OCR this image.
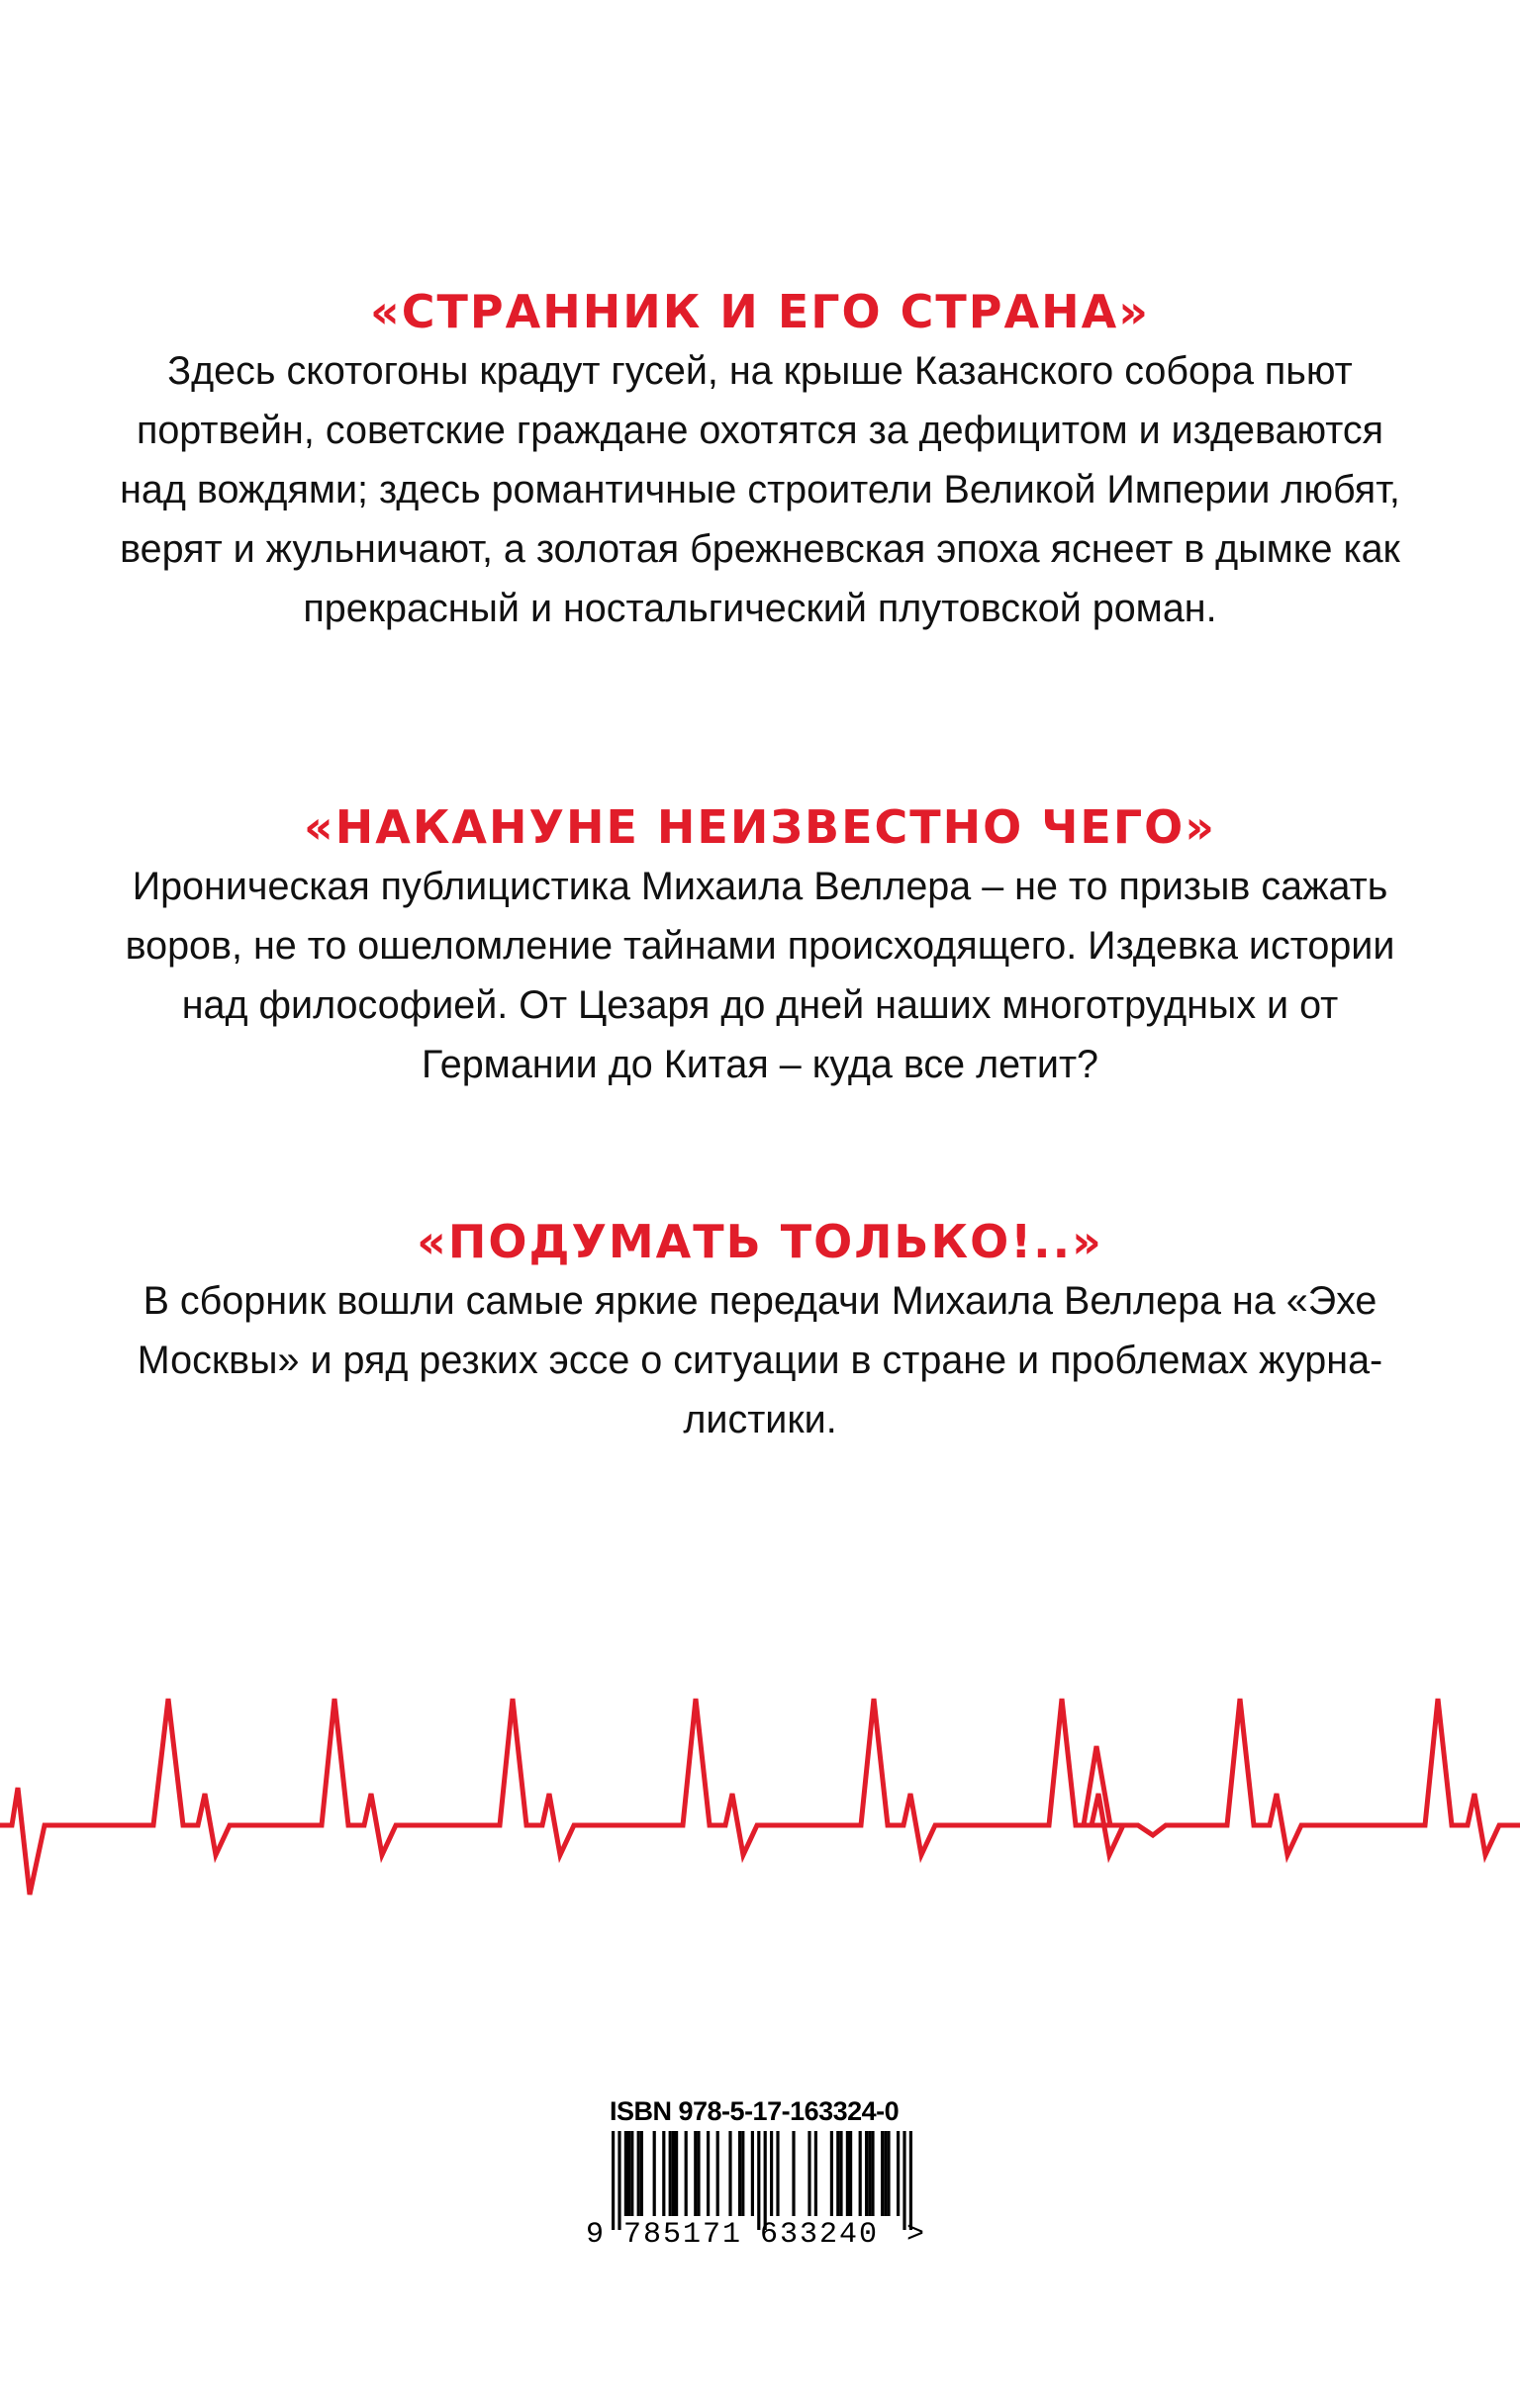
«СТРАННИК И ЕГО СТРАНА»
Здесь скотогоны крадут гусей, на крыше Казанского собора пьют
портвейн, советские граждане охотятся за дефицитом и издеваются
над вождями; здесь романтичные строители Великой Империи любят,
верят и жульничают, а золотая брежневская эпоха яснеет в дымке как
прекрасный и ностальгический плутовской роман.
«НАКАНУНЕ НЕИЗВЕСТНО ЧЕГО»
Ироническая публицистика Михаила Веллера – не то призыв сажать
воров, не то ошеломление тайнами происходящего. Издевка истории
над философией. От Цезаря до дней наших многотрудных и от
Германии до Китая – куда все летит?
«ПОДУМАТЬ ТОЛЬКО!..»
В сборник вошли самые яркие передачи Михаила Веллера на «Эхе
Москвы» и ряд резких эссе о ситуации в стране и проблемах журна-
листики.
ISBN 978-5-17-163324-0
9 785171 633240 >
